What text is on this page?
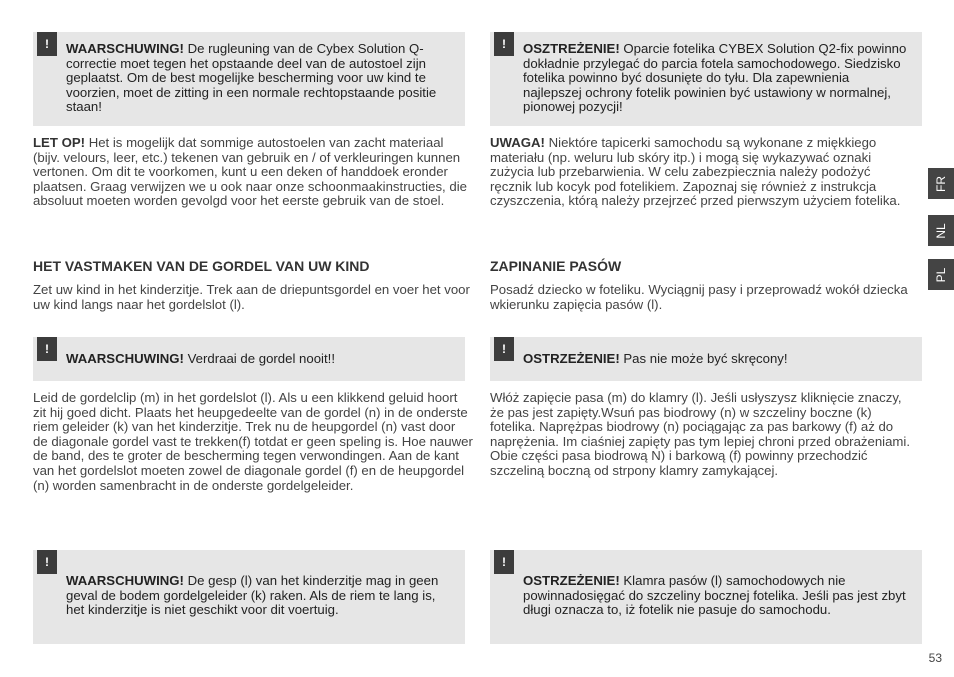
!	WAARSCHUWING! De rugleuning van de Cybex Solution Q-correctie moet tegen het opstaande deel van de autostoel zijn geplaatst. Om de best mogelijke bescherming voor uw kind te voorzien, moet de zitting in een normale rechtopstaande positie staan!
LET OP! Het is mogelijk dat sommige autostoelen van zacht materiaal (bijv. velours, leer, etc.) tekenen van gebruik en / of verkleuringen kunnen vertonen. Om dit te voorkomen, kunt u een deken of handdoek eronder plaatsen. Graag verwijzen we u ook naar onze schoonmaakinstructies, die absoluut moeten worden gevolgd voor het eerste gebruik van de stoel.
HET VASTMAKEN VAN DE GORDEL VAN UW KIND
Zet uw kind in het kinderzitje. Trek aan de driepuntsgordel en voer het voor uw kind langs naar het gordelslot (l).
!
WAARSCHUWING! Verdraai de gordel nooit!!
Leid de gordelclip (m) in het gordelslot (l). Als u een klikkend geluid hoort zit hij goed dicht. Plaats het heupgedeelte van de gordel (n) in de onderste riem geleider (k) van het kinderzitje. Trek nu de heupgordel (n) vast door de diagonale gordel vast te trekken(f) totdat er geen speling is. Hoe nauwer de band, des te groter de bescherming tegen verwondingen. Aan de kant van het gordelslot moeten zowel de diagonale gordel (f) en de heupgordel (n) worden samenbracht in de onderste gordelgeleider.
!
WAARSCHUWING! De gesp (l) van het kinderzitje mag in geen geval de bodem gordelgeleider (k) raken. Als de riem te lang is, het kinderzitje is niet geschikt voor dit voertuig.
!	OSZTREŻENIE! Oparcie fotelika CYBEX Solution Q2-fix powinno dokładnie przylegać do parcia fotela samochodowego. Siedzisko fotelika powinno być dosunięte do tyłu. Dla zapewnienia najlepszej ochrony fotelik powinien być ustawiony w normalnej, pionowej pozycji!
UWAGA! Niektóre tapicerki samochodu są wykonane z miękkiego materiału (np. weluru lub skóry itp.) i mogą się wykazywać oznaki zużycia lub przebarwienia. W celu zabezpiecznia należy podożyć ręcznik lub kocyk pod fotelikiem. Zapoznaj się również z instrukcja czyszczenia, którą należy przejrzeć przed pierwszym użyciem fotelika.
ZAPINANIE PASÓW
Posadź dziecko w foteliku. Wyciągnij pasy i przeprowadź wokół dziecka wkierunku zapięcia pasów (l).
!
OSTRZEŻENIE! Pas nie może być skręcony!
Włóż zapięcie pasa (m) do klamry (l). Jeśli usłyszysz kliknięcie znaczy, że pas jest zapięty.Wsuń pas biodrowy (n) w szczeliny boczne (k) fotelika. Naprężpas biodrowy (n) pociągając za pas barkowy (f) aż do naprężenia. Im ciaśniej zapięty pas tym lepiej chroni przed obrażeniami. Obie części pasa biodrową N) i barkową (f) powinny przechodzić szczeliną boczną od strpony klamry zamykającej.
!
OSTRZEŻENIE! Klamra pasów (l) samochodowych nie powinnadosięgać do szczeliny bocznej fotelika. Jeśli pas jest zbyt długi oznacza to, iż fotelik nie pasuje do samochodu.
FR
NL
PL
53
